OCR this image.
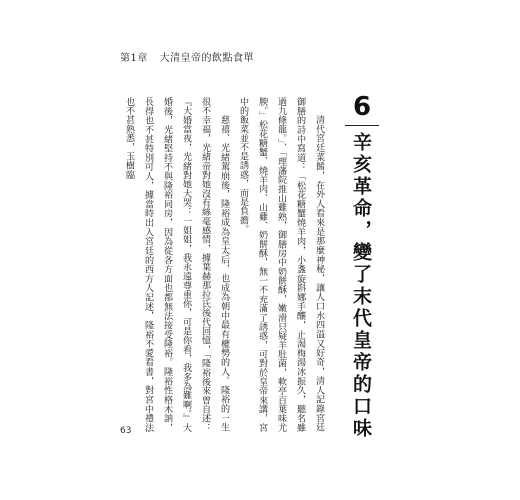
第1章 大清皇帝的飲點食單
6
辛亥革命，變了末代皇帝的口味

清代宮廷菜餚，在外人看來是那麼神秘，讓人口水四溢又好奇，清人記錄宮廷御膳的詩中寫道：「松花糖蟹燒羊肉，小盞旋斟娜手釀，止渴梅湯冰振久，聽名雖過九條龍。」、「理藩院推山雞熟，御膳房中奶餅酥，嫩滑只疑羊肚菌，軟亭百葉味尤腴。」松花糖蟹、燒羊肉、山雞、奶餅酥，無一不充滿了誘惑，可對於皇帝來講，宮中的飯菜並不是誘惑，而是負擔。

慈禧、光緒駕崩後，隆裕成為皇太后，也成為朝中最有權勢的人。隆裕的一生很不幸福，光緒帝對她沒有絲毫感情，據葉赫那拉氏後代回憶，「隆裕後來曾自述：『大婚當夜，光緒對她大哭：一姐姐，我永遠尊重你，可是你看，我多為難啊。』大婚後，光緒堅持不與隆裕同房，因為從各方面也都無法接受隆裕。隆裕性格木訥，長得也不甚特別可人，據當時出入宮廷的西方人記述，隆裕不愛看書，對宮中禮法也不甚熟悉，玉樹臨

63
